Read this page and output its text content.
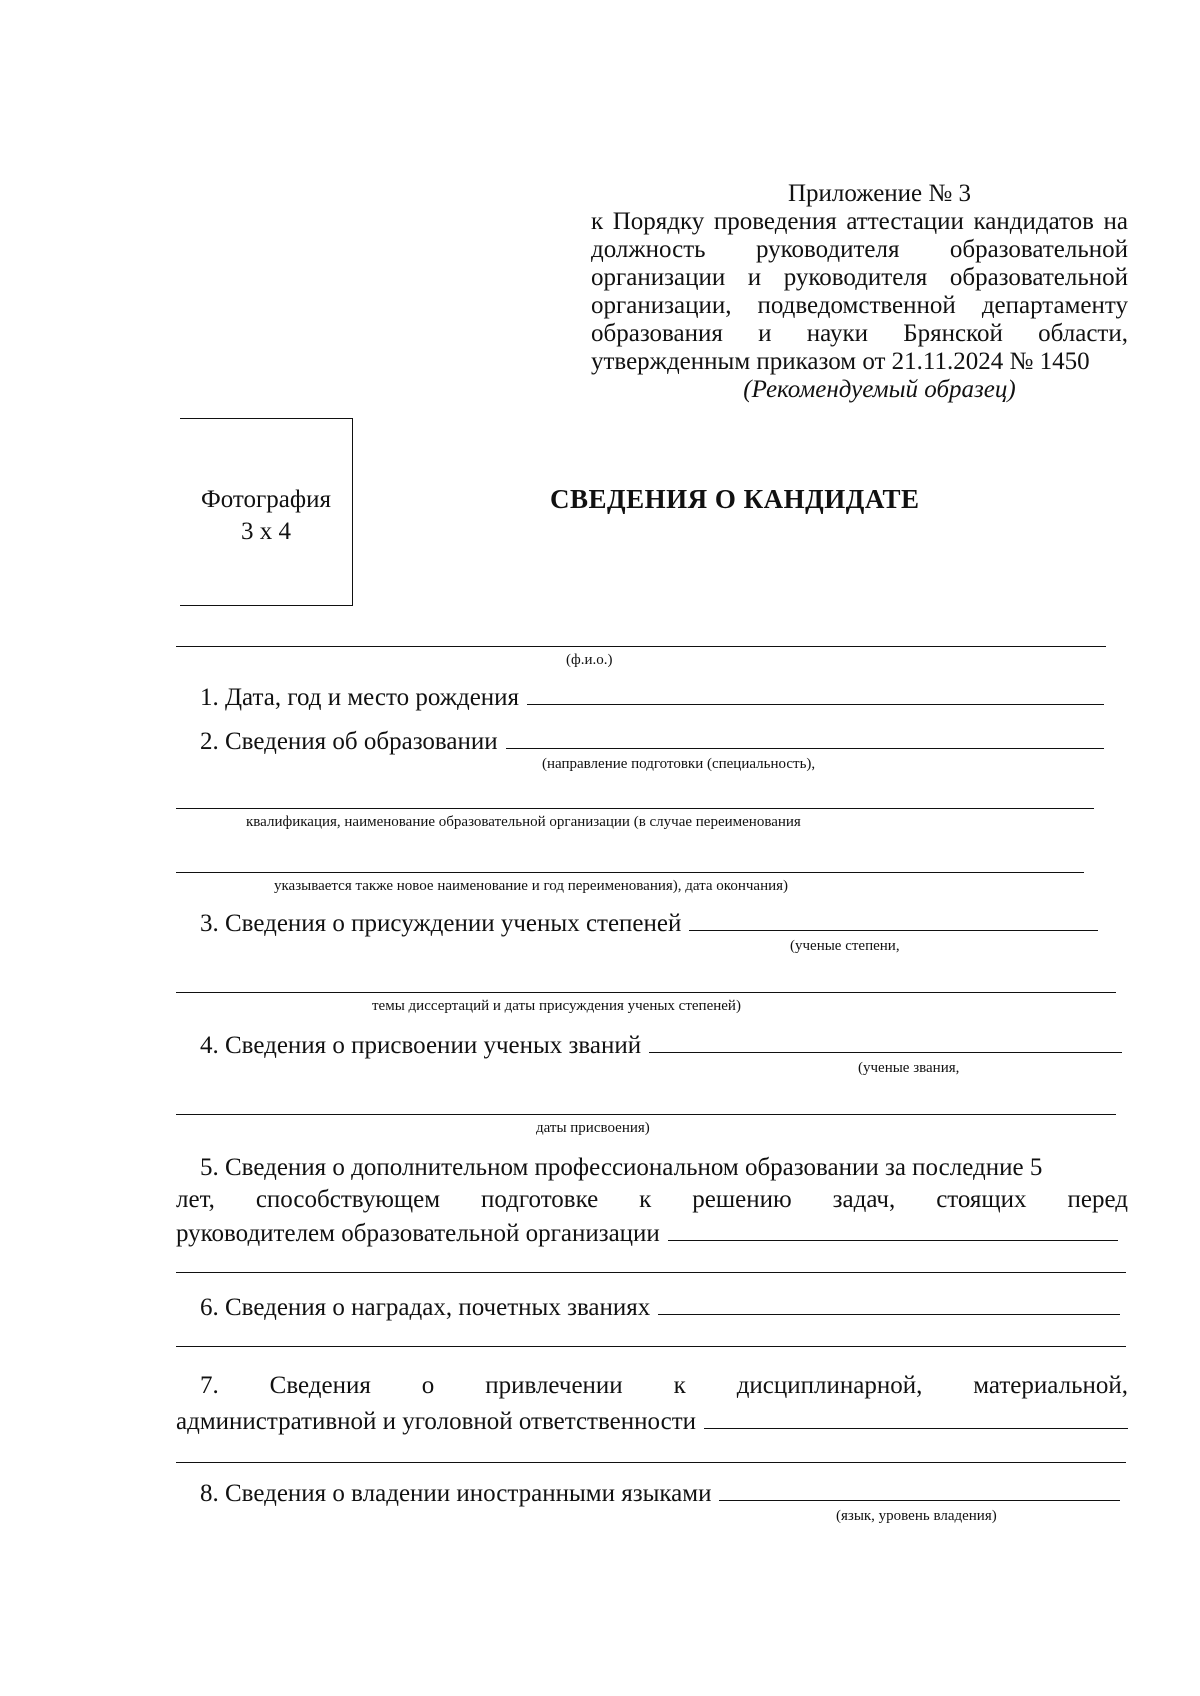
Приложение № 3
к Порядку проведения аттестации кандидатов на
должность руководителя образовательной
организации и руководителя образовательной
организации, подведомственной департаменту
образования и науки Брянской области,
утвержденным приказом от 21.11.2024 № 1450
(Рекомендуемый образец)
Фотография
3 х 4
СВЕДЕНИЯ О КАНДИДАТЕ
(ф.и.о.)
1. Дата, год и место рождения
2. Сведения об образовании
(направление подготовки (специальность),
квалификация, наименование образовательной организации (в случае переименования
указывается также новое наименование и год переименования), дата окончания)
3. Сведения о присуждении ученых степеней
(ученые степени,
темы диссертаций и даты присуждения ученых степеней)
4. Сведения о присвоении ученых званий
(ученые звания,
даты присвоения)
5. Сведения о дополнительном профессиональном образовании за последние 5
лет, способствующем подготовке к решению задач, стоящих перед
руководителем образовательной организации
6. Сведения о наградах, почетных званиях
7. Сведения о привлечении к дисциплинарной, материальной,
административной и уголовной ответственности
8. Сведения о владении иностранными языками
(язык, уровень владения)
